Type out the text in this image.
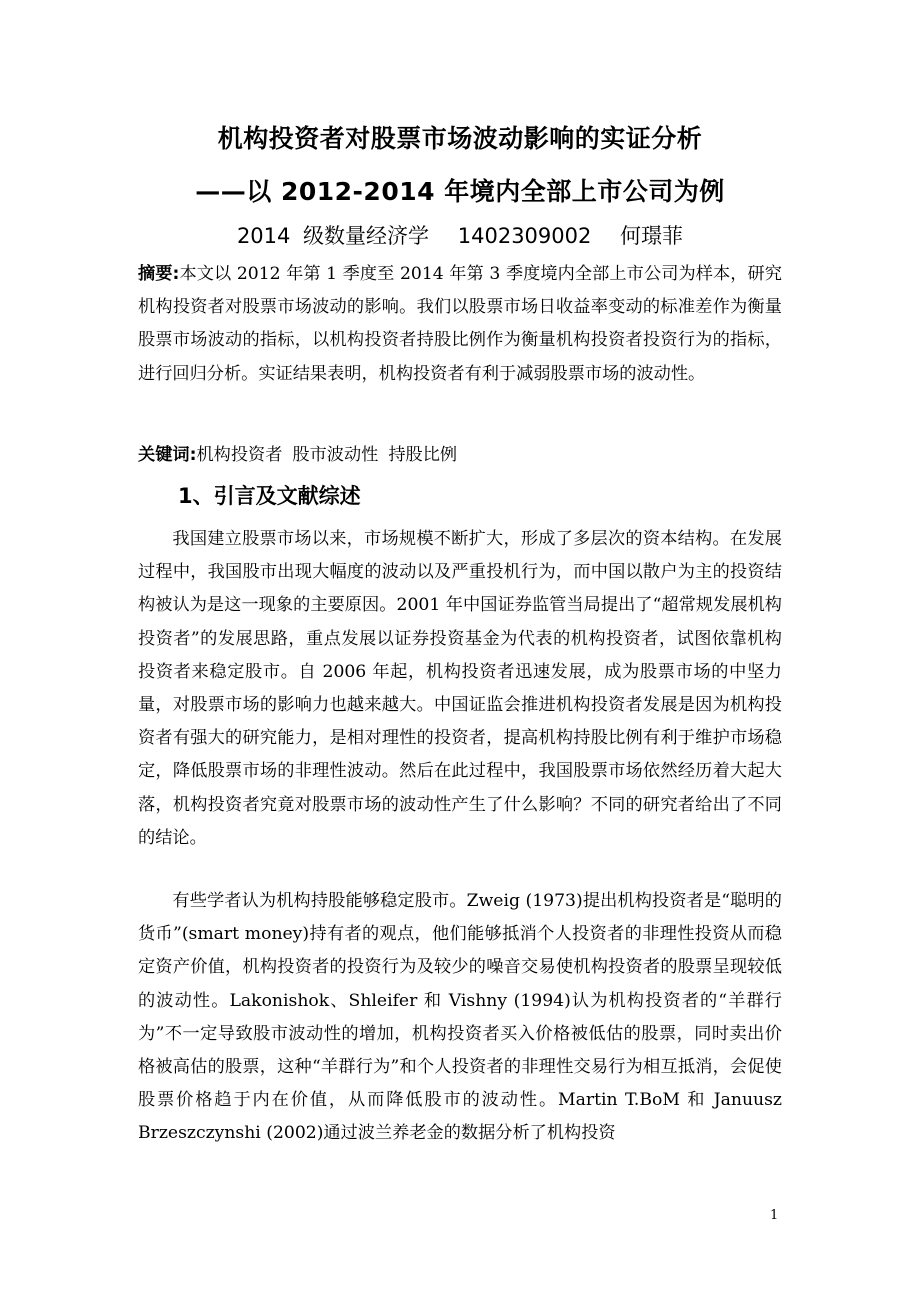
机构投资者对股票市场波动影响的实证分析
——以 2012-2014 年境内全部上市公司为例
2014 级数量经济学 1402309002 何璟菲
摘要:本文以 2012 年第 1 季度至 2014 年第 3 季度境内全部上市公司为样本，研究机构投资者对股票市场波动的影响。我们以股票市场日收益率变动的标准差作为衡量股票市场波动的指标，以机构投资者持股比例作为衡量机构投资者投资行为的指标，进行回归分析。实证结果表明，机构投资者有利于减弱股票市场的波动性。
关键词:机构投资者 股市波动性 持股比例
1、引言及文献综述
我国建立股票市场以来，市场规模不断扩大，形成了多层次的资本结构。在发展过程中，我国股市出现大幅度的波动以及严重投机行为，而中国以散户为主的投资结构被认为是这一现象的主要原因。2001 年中国证券监管当局提出了“超常规发展机构投资者”的发展思路，重点发展以证券投资基金为代表的机构投资者，试图依靠机构投资者来稳定股市。自 2006 年起，机构投资者迅速发展，成为股票市场的中坚力量，对股票市场的影响力也越来越大。中国证监会推进机构投资者发展是因为机构投资者有强大的研究能力，是相对理性的投资者，提高机构持股比例有利于维护市场稳定，降低股票市场的非理性波动。然后在此过程中，我国股票市场依然经历着大起大落，机构投资者究竟对股票市场的波动性产生了什么影响？不同的研究者给出了不同的结论。
有些学者认为机构持股能够稳定股市。Zweig (1973)提出机构投资者是“聪明的货币”(smart money)持有者的观点，他们能够抵消个人投资者的非理性投资从而稳定资产价值，机构投资者的投资行为及较少的噪音交易使机构投资者的股票呈现较低的波动性。Lakonishok、Shleifer 和 Vishny (1994)认为机构投资者的“羊群行为”不一定导致股市波动性的增加，机构投资者买入价格被低估的股票，同时卖出价格被高估的股票，这种“羊群行为”和个人投资者的非理性交易行为相互抵消，会促使股票价格趋于内在价值，从而降低股市的波动性。Martin T.BoM 和 Januusz Brzeszczynshi (2002)通过波兰养老金的数据分析了机构投资
1
